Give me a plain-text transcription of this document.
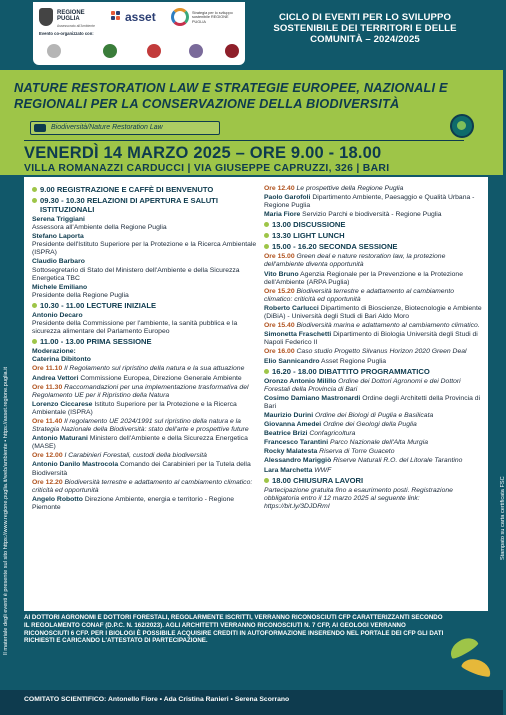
REGIONE PUGLIA
Assessorato all'Ambiente
asset	Strategia per lo sviluppo sostenibile REGIONE PUGLIA
Evento co-organizzato con:
CICLO DI EVENTI PER LO SVILUPPO SOSTENIBILE DEI TERRITORI E DELLE COMUNITÀ – 2024/2025
NATURE RESTORATION LAW E STRATEGIE EUROPEE, NAZIONALI E REGIONALI PER LA CONSERVAZIONE DELLA BIODIVERSITÀ
Biodiversità/Nature Restoration Law
VENERDÌ 14 MARZO 2025 – ORE 9.00 - 18.00
VILLA ROMANAZZI CARDUCCI | VIA GIUSEPPE CAPRUZZI, 326 | BARI
Il materiale degli eventi è presente sul sito https://www.regione.puglia.it/web/ambiente • https://asset.regione.puglia.it	Stampato su carta certificata FSC
9.00 REGISTRAZIONE E CAFFÈ DI BENVENUTO
09.30 - 10.30 RELAZIONI DI APERTURA E SALUTI ISTITUZIONALI
Serena Triggiani
Assessora all'Ambiente della Regione Puglia
Stefano Laporta
Presidente dell'Istituto Superiore per la Protezione e la Ricerca Ambientale (ISPRA)
Claudio Barbaro
Sottosegretario di Stato del Ministero dell'Ambiente e della Sicurezza Energetica TBC
Michele Emiliano
Presidente della Regione Puglia
10.30 - 11.00 LECTURE INIZIALE
Antonio Decaro
Presidente della Commissione per l'ambiente, la sanità pubblica e la sicurezza alimentare del Parlamento Europeo
11.00 - 13.00 PRIMA SESSIONE
Moderazione:
Caterina Dibitonto
Ore 11.10 Il Regolamento sul ripristino della natura e la sua attuazione
Andrea Vettori Commissione Europea, Direzione Generale Ambiente
Ore 11.30 Raccomandazioni per una implementazione trasformativa del Regolamento UE per il Ripristino della Natura
Lorenzo Ciccarese Istituto Superiore per la Protezione e la Ricerca Ambientale (ISPRA)
Ore 11.40 Il regolamento UE 2024/1991 sul ripristino della natura e la Strategia Nazionale della Biodiversità: stato dell'arte e prospettive future
Antonio Maturani Ministero dell'Ambiente e della Sicurezza Energetica (MASE)
Ore 12.00 I Carabinieri Forestali, custodi della biodiversità
Antonio Danilo Mastrocola Comando dei Carabinieri per la Tutela della Biodiversità
Ore 12.20 Biodiversità terrestre e adattamento al cambiamento climatico: criticità ed opportunità
Angelo Robotto Direzione Ambiente, energia e territorio - Regione Piemonte
Ore 12.40 Le prospettive della Regione Puglia
Paolo Garofoli Dipartimento Ambiente, Paesaggio e Qualità Urbana - Regione Puglia
Maria Fiore Servizio Parchi e biodiversità - Regione Puglia
13.00 DISCUSSIONE
13.30 LIGHT LUNCH
15.00 - 16.20 SECONDA SESSIONE
Ore 15.00 Green deal e nature restoration law, la protezione dell'ambiente diventa opportunità
Vito Bruno Agenzia Regionale per la Prevenzione e la Protezione dell'Ambiente (ARPA Puglia)
Ore 15.20 Biodiversità terrestre e adattamento al cambiamento climatico: criticità ed opportunità
Roberto Carlucci Dipartimento di Bioscienze, Biotecnologie e Ambiente (DiBiA) - Università degli Studi di Bari Aldo Moro
Ore 15.40 Biodiversità marina e adattamento al cambiamento climatico.
Simonetta Fraschetti Dipartimento di Biologia Università degli Studi di Napoli Federico II
Ore 16.00 Caso studio Progetto Silvanus Horizon 2020 Green Deal
Elio Sannicandro Asset Regione Puglia
16.20 - 18.00 DIBATTITO PROGRAMMATICO
Oronzo Antonio Milillo Ordine dei Dottori Agronomi e dei Dottori Forestali della Provincia di Bari
Cosimo Damiano Mastronardi Ordine degli Architetti della Provincia di Bari
Maurizio Durini Ordine dei Biologi di Puglia e Basilicata
Giovanna Amedei Ordine dei Geologi della Puglia
Beatrice Brizi Confagricoltura
Francesco Tarantini Parco Nazionale dell'Alta Murgia
Rocky Malatesta Riserva di Torre Guaceto
Alessandro Mariggiò Riserve Naturali R.O. del Litorale Tarantino
Lara Marchetta WWF
18.00 CHIUSURA LAVORI
Partecipazione gratuita fino a esaurimento posti. Registrazione obbligatoria entro il 12 marzo 2025 al seguente link: https://bit.ly/3DJDRmI
AI DOTTORI AGRONOMI E DOTTORI FORESTALI, REGOLARMENTE ISCRITTI, VERRANNO RICONOSCIUTI CFP CARATTERIZZANTI SECONDO IL REGOLAMENTO CONAF (D.P.C. N. 162/2023). AGLI ARCHITETTI VERRANNO RICONOSCIUTI N. 7 CFP, AI GEOLOGI VERRANNO RICONOSCIUTI 6 CFP. PER I BIOLOGI È POSSIBILE ACQUISIRE CREDITI IN AUTOFORMAZIONE INSERENDO NEL PORTALE DEI CFP GLI DATI RICHIESTI E CARICANDO L'ATTESTATO DI PARTECIPAZIONE.
COMITATO SCIENTIFICO: Antonello Fiore • Ada Cristina Ranieri • Serena Scorrano
